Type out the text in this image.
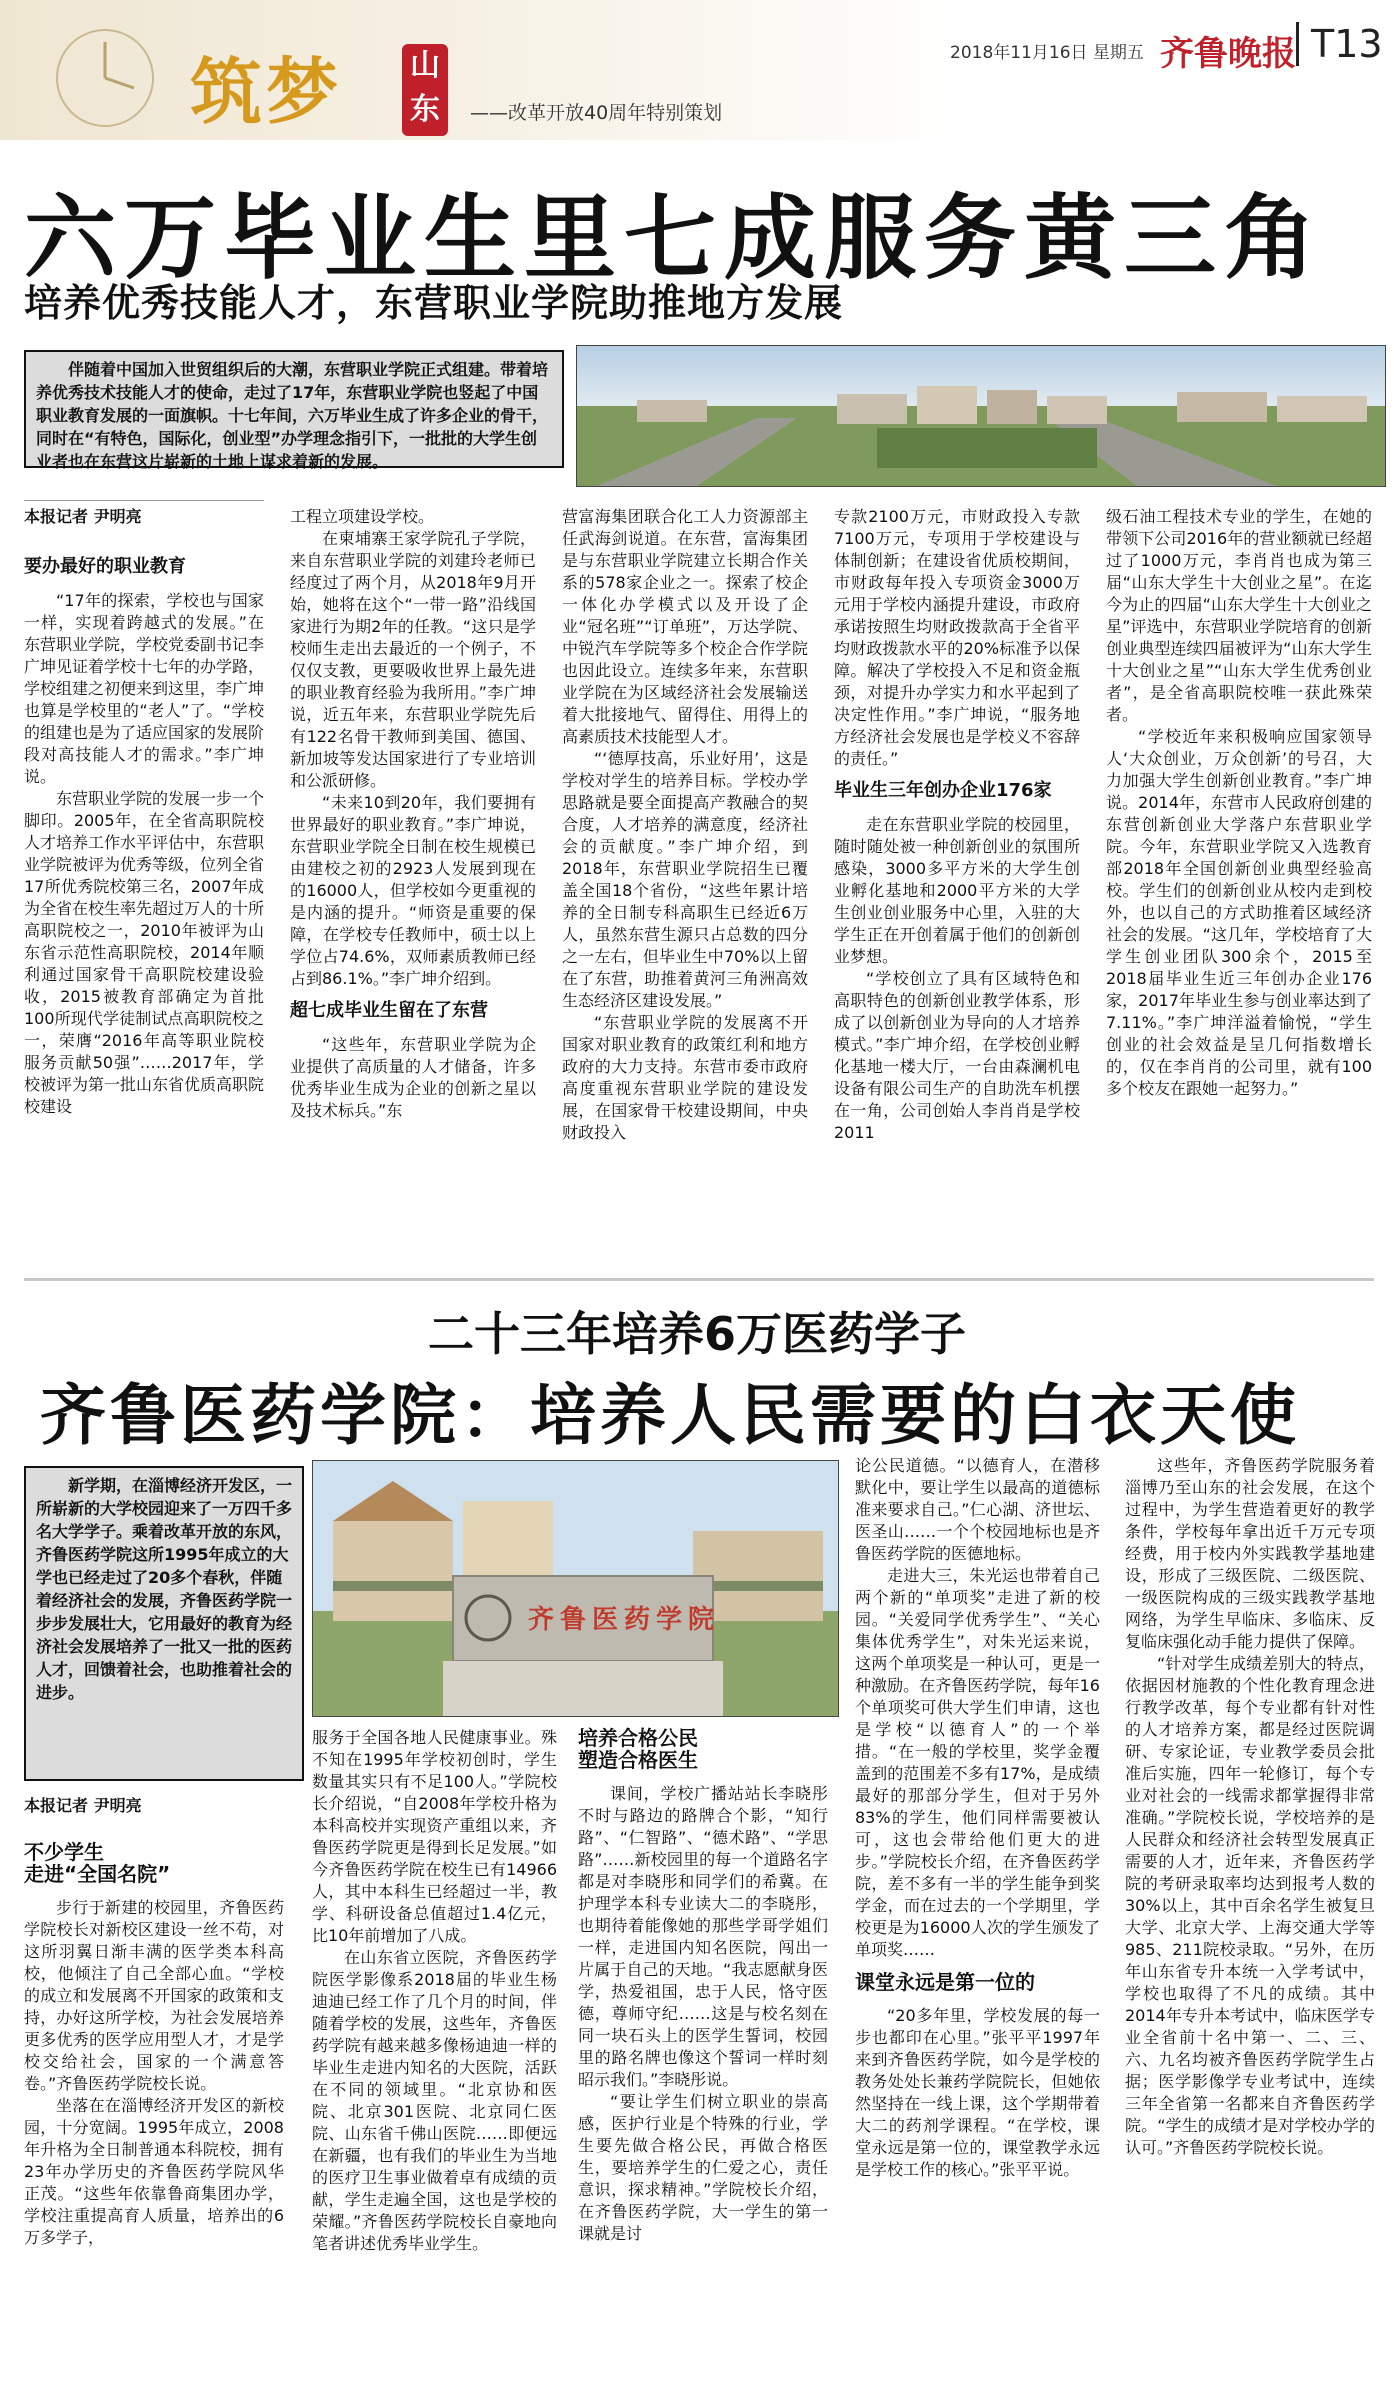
筑梦 山东	——改革开放40周年特别策划
2018年11月16日 星期五 齐鲁晚报 T13
六万毕业生里七成服务黄三角
培养优秀技能人才，东营职业学院助推地方发展
伴随着中国加入世贸组织后的大潮，东营职业学院正式组建。带着培养优秀技术技能人才的使命，走过了17年，东营职业学院也竖起了中国职业教育发展的一面旗帜。十七年间，六万毕业生成了许多企业的骨干，同时在“有特色，国际化，创业型”办学理念指引下，一批批的大学生创业者也在东营这片崭新的土地上谋求着新的发展。
本报记者 尹明亮
要办最好的职业教育

“17年的探索，学校也与国家一样，实现着跨越式的发展。”在东营职业学院，学校党委副书记李广坤见证着学校十七年的办学路，学校组建之初便来到这里，李广坤也算是学校里的“老人”了。“学校的组建也是为了适应国家的发展阶段对高技能人才的需求。”李广坤说。

东营职业学院的发展一步一个脚印。2005年，在全省高职院校人才培养工作水平评估中，东营职业学院被评为优秀等级，位列全省17所优秀院校第三名，2007年成为全省在校生率先超过万人的十所高职院校之一，2010年被评为山东省示范性高职院校，2014年顺利通过国家骨干高职院校建设验收，2015被教育部确定为首批100所现代学徒制试点高职院校之一，荣膺“2016年高等职业院校服务贡献50强”……2017年，学校被评为第一批山东省优质高职院校建设

工程立项建设学校。

在柬埔寨王家学院孔子学院，来自东营职业学院的刘建玲老师已经度过了两个月，从2018年9月开始，她将在这个“一带一路”沿线国家进行为期2年的任教。“这只是学校师生走出去最近的一个例子，不仅仅支教，更要吸收世界上最先进的职业教育经验为我所用。”李广坤说，近五年来，东营职业学院先后有122名骨干教师到美国、德国、新加坡等发达国家进行了专业培训和公派研修。

“未来10到20年，我们要拥有世界最好的职业教育。”李广坤说，东营职业学院全日制在校生规模已由建校之初的2923人发展到现在的16000人，但学校如今更重视的是内涵的提升。“师资是重要的保障，在学校专任教师中，硕士以上学位占74.6%，双师素质教师已经占到86.1%。”李广坤介绍到。

超七成毕业生留在了东营

“这些年，东营职业学院为企业提供了高质量的人才储备，许多优秀毕业生成为企业的创新之星以及技术标兵。”东

营富海集团联合化工人力资源部主任武海剑说道。在东营，富海集团是与东营职业学院建立长期合作关系的578家企业之一。探索了校企一体化办学模式以及开设了企业“冠名班”“订单班”，万达学院、中锐汽车学院等多个校企合作学院也因此设立。连续多年来，东营职业学院在为区域经济社会发展输送着大批接地气、留得住、用得上的高素质技术技能型人才。

“‘德厚技高，乐业好用’，这是学校对学生的培养目标。学校办学思路就是要全面提高产教融合的契合度，人才培养的满意度，经济社会的贡献度。”李广坤介绍，到2018年，东营职业学院招生已覆盖全国18个省份，“这些年累计培养的全日制专科高职生已经近6万人，虽然东营生源只占总数的四分之一左右，但毕业生中70%以上留在了东营，助推着黄河三角洲高效生态经济区建设发展。”

“东营职业学院的发展离不开国家对职业教育的政策红利和地方政府的大力支持。东营市委市政府高度重视东营职业学院的建设发展，在国家骨干校建设期间，中央财政投入

专款2100万元，市财政投入专款7100万元，专项用于学校建设与体制创新；在建设省优质校期间，市财政每年投入专项资金3000万元用于学校内涵提升建设，市政府承诺按照生均财政拨款高于全省平均财政拨款水平的20%标准予以保障。解决了学校投入不足和资金瓶颈，对提升办学实力和水平起到了决定性作用。”李广坤说，“服务地方经济社会发展也是学校义不容辞的责任。”

毕业生三年创办企业176家

走在东营职业学院的校园里，随时随处被一种创新创业的氛围所感染，3000多平方米的大学生创业孵化基地和2000平方米的大学生创业创业服务中心里，入驻的大学生正在开创着属于他们的创新创业梦想。

“学校创立了具有区域特色和高职特色的创新创业教学体系，形成了以创新创业为导向的人才培养模式。”李广坤介绍，在学校创业孵化基地一楼大厅，一台由森澜机电设备有限公司生产的自助洗车机摆在一角，公司创始人李肖肖是学校2011

级石油工程技术专业的学生，在她的带领下公司2016年的营业额就已经超过了1000万元，李肖肖也成为第三届“山东大学生十大创业之星”。在迄今为止的四届“山东大学生十大创业之星”评选中，东营职业学院培育的创新创业典型连续四届被评为“山东大学生十大创业之星”“山东大学生优秀创业者”，是全省高职院校唯一获此殊荣者。

“学校近年来积极响应国家领导人‘大众创业，万众创新’的号召，大力加强大学生创新创业教育。”李广坤说。2014年，东营市人民政府创建的东营创新创业大学落户东营职业学院。今年，东营职业学院又入选教育部2018年全国创新创业典型经验高校。学生们的创新创业从校内走到校外，也以自己的方式助推着区域经济社会的发展。“这几年，学校培育了大学生创业团队300余个，2015至2018届毕业生近三年创办企业176家，2017年毕业生参与创业率达到了7.11%。”李广坤洋溢着愉悦，“学生创业的社会效益是呈几何指数增长的，仅在李肖肖的公司里，就有100多个校友在跟她一起努力。”

二十三年培养6万医药学子
齐鲁医药学院：培养人民需要的白衣天使
新学期，在淄博经济开发区，一所崭新的大学校园迎来了一万四千多名大学学子。乘着改革开放的东风，齐鲁医药学院这所1995年成立的大学也已经走过了20多个春秋，伴随着经济社会的发展，齐鲁医药学院一步步发展壮大，它用最好的教育为经济社会发展培养了一批又一批的医药人才，回馈着社会，也助推着社会的进步。
齐鲁医药学院
本报记者 尹明亮
不少学生
走进“全国名院”

步行于新建的校园里，齐鲁医药学院校长对新校区建设一丝不苟，对这所羽翼日渐丰满的医学类本科高校，他倾注了自己全部心血。“学校的成立和发展离不开国家的政策和支持，办好这所学校，为社会发展培养更多优秀的医学应用型人才，才是学校交给社会，国家的一个满意答卷。”齐鲁医药学院校长说。

坐落在在淄博经济开发区的新校园，十分宽阔。1995年成立，2008年升格为全日制普通本科院校，拥有23年办学历史的齐鲁医药学院风华正茂。“这些年依靠鲁商集团办学，学校注重提高育人质量，培养出的6万多学子，

服务于全国各地人民健康事业。殊不知在1995年学校初创时，学生数量其实只有不足100人。”学院校长介绍说，“自2008年学校升格为本科高校并实现资产重组以来，齐鲁医药学院更是得到长足发展。”如今齐鲁医药学院在校生已有14966人，其中本科生已经超过一半，教学、科研设备总值超过1.4亿元，比10年前增加了八成。

在山东省立医院，齐鲁医药学院医学影像系2018届的毕业生杨迪迪已经工作了几个月的时间，伴随着学校的发展，这些年，齐鲁医药学院有越来越多像杨迪迪一样的毕业生走进内知名的大医院，活跃在不同的领域里。“北京协和医院、北京301医院、北京同仁医院、山东省千佛山医院……即便远在新疆，也有我们的毕业生为当地的医疗卫生事业做着卓有成绩的贡献，学生走遍全国，这也是学校的荣耀。”齐鲁医药学院校长自豪地向笔者讲述优秀毕业学生。

培养合格公民
塑造合格医生

课间，学校广播站站长李晓彤不时与路边的路牌合个影，“知行路”、“仁智路”、“德术路”、“学思路”……新校园里的每一个道路名字都是对李晓彤和同学们的希冀。在护理学本科专业读大二的李晓彤，也期待着能像她的那些学哥学姐们一样，走进国内知名医院，闯出一片属于自己的天地。“我志愿献身医学，热爱祖国，忠于人民，恪守医德，尊师守纪……这是与校名刻在同一块石头上的医学生誓词，校园里的路名牌也像这个誓词一样时刻昭示我们。”李晓彤说。

“要让学生们树立职业的崇高感，医护行业是个特殊的行业，学生要先做合格公民，再做合格医生，要培养学生的仁爱之心，责任意识，探求精神。”学院校长介绍，在齐鲁医药学院，大一学生的第一课就是讨

论公民道德。“以德育人，在潜移默化中，要让学生以最高的道德标准来要求自己。”仁心湖、济世坛、医圣山……一个个校园地标也是齐鲁医药学院的医德地标。

走进大三，朱光运也带着自己两个新的“单项奖”走进了新的校园。“关爱同学优秀学生”、“关心集体优秀学生”，对朱光运来说，这两个单项奖是一种认可，更是一种激励。在齐鲁医药学院，每年16个单项奖可供大学生们申请，这也是学校“以德育人”的一个举措。“在一般的学校里，奖学金覆盖到的范围差不多有17%，是成绩最好的那部分学生，但对于另外83%的学生，他们同样需要被认可，这也会带给他们更大的进步。”学院校长介绍，在齐鲁医药学院，差不多有一半的学生能争到奖学金，而在过去的一个学期里，学校更是为16000人次的学生颁发了单项奖……

课堂永远是第一位的

“20多年里，学校发展的每一步也都印在心里。”张平平1997年来到齐鲁医药学院，如今是学校的教务处处长兼药学院院长，但她依然坚持在一线上课，这个学期带着大二的药剂学课程。“在学校，课堂永远是第一位的，课堂教学永远是学校工作的核心。”张平平说。

这些年，齐鲁医药学院服务着淄博乃至山东的社会发展，在这个过程中，为学生营造着更好的教学条件，学校每年拿出近千万元专项经费，用于校内外实践教学基地建设，形成了三级医院、二级医院、一级医院构成的三级实践教学基地网络，为学生早临床、多临床、反复临床强化动手能力提供了保障。

“针对学生成绩差别大的特点，依据因材施教的个性化教育理念进行教学改革，每个专业都有针对性的人才培养方案，都是经过医院调研、专家论证，专业教学委员会批准后实施，四年一轮修订，每个专业对社会的一线需求都掌握得非常准确。”学院校长说，学校培养的是人民群众和经济社会转型发展真正需要的人才，近年来，齐鲁医药学院的考研录取率均达到报考人数的30%以上，其中百余名学生被复旦大学、北京大学、上海交通大学等985、211院校录取。“另外，在历年山东省专升本统一入学考试中，学校也取得了不凡的成绩。其中2014年专升本考试中，临床医学专业全省前十名中第一、二、三、六、九名均被齐鲁医药学院学生占据；医学影像学专业考试中，连续三年全省第一名都来自齐鲁医药学院。“学生的成绩才是对学校办学的认可。”齐鲁医药学院校长说。
